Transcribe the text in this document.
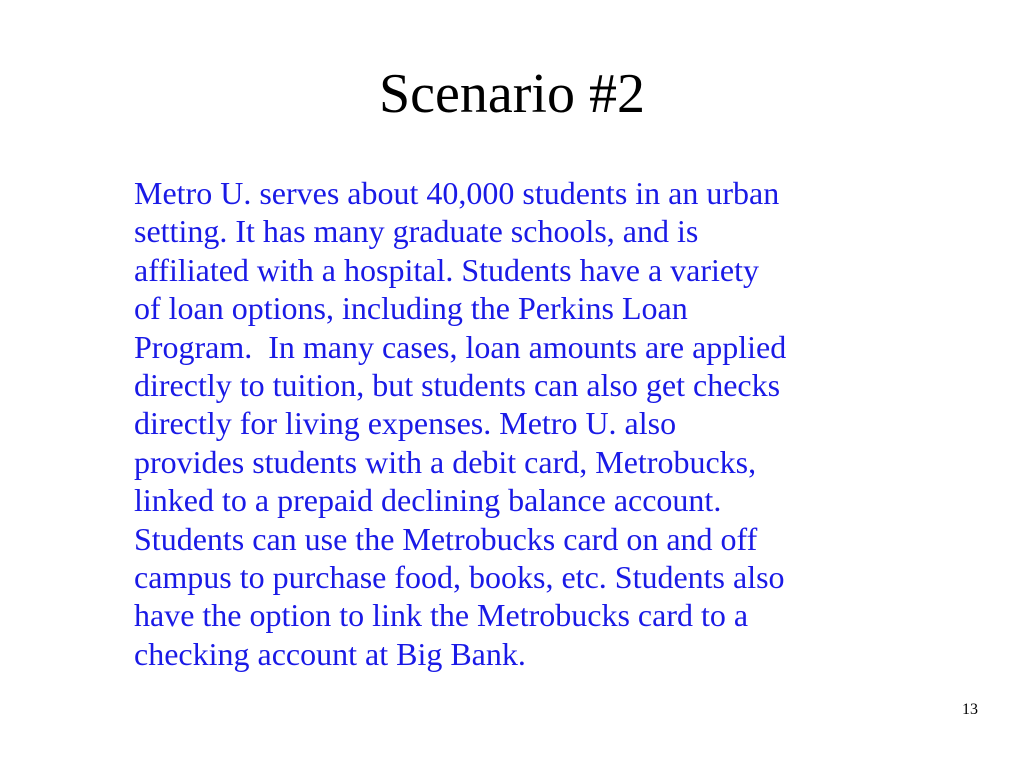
Scenario #2
Metro U. serves about 40,000 students in an urban
setting. It has many graduate schools, and is
affiliated with a hospital. Students have a variety
of loan options, including the Perkins Loan
Program.  In many cases, loan amounts are applied
directly to tuition, but students can also get checks
directly for living expenses. Metro U. also
provides students with a debit card, Metrobucks,
linked to a prepaid declining balance account.
Students can use the Metrobucks card on and off
campus to purchase food, books, etc. Students also
have the option to link the Metrobucks card to a
checking account at Big Bank.
13
